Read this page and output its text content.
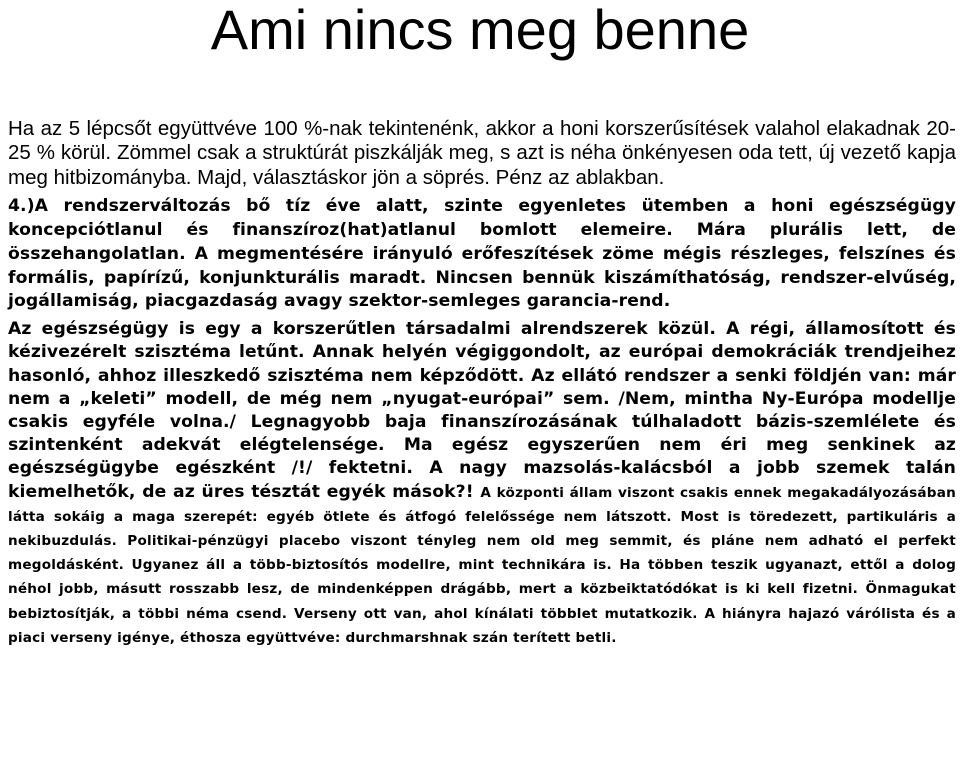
Ami nincs meg benne

Ha az 5 lépcsőt együttvéve 100 %-nak tekintenénk, akkor a honi korszerűsítések valahol elakadnak 20-25 % körül. Zömmel csak a struktúrát piszkálják meg, s azt is néha önkényesen oda tett, új vezető kapja meg hitbizományba. Majd, választáskor jön a söprés. Pénz az ablakban.

4.)A rendszerváltozás bő tíz éve alatt, szinte egyenletes ütemben a honi egészségügy koncepciótlanul és finanszíroz(hat)atlanul bomlott elemeire. Mára plurális lett, de összehangolatlan. A megmentésére irányuló erőfeszítések zöme mégis részleges, felszínes és formális, papírízű, konjunkturális maradt. Nincsen bennük kiszámíthatóság, rendszer-elvűség, jogállamiság, piacgazdaság avagy szektor-semleges garancia-rend.

Az egészségügy is egy a korszerűtlen társadalmi alrendszerek közül. A régi, államosított és kézivezérelt szisztéma letűnt. Annak helyén végiggondolt, az európai demokráciák trendjeihez hasonló, ahhoz illeszkedő szisztéma nem képződött. Az ellátó rendszer a senki földjén van: már nem a „keleti” modell, de még nem „nyugat-európai” sem. /Nem, mintha Ny-Európa modellje csakis egyféle volna./ Legnagyobb baja finanszírozásának túlhaladott bázis-szemlélete és szintenként adekvát elégtelensége. Ma egész egyszerűen nem éri meg senkinek az egészségügybe egészként /!/ fektetni. A nagy mazsolás-kalácsból a jobb szemek talán kiemelhetők, de az üres tésztát egyék mások?! A központi állam viszont csakis ennek megakadályozásában látta sokáig a maga szerepét: egyéb ötlete és átfogó felelőssége nem látszott. Most is töredezett, partikuláris a nekibuzdulás. Politikai-pénzügyi placebo viszont tényleg nem old meg semmit, és pláne nem adható el perfekt megoldásként. Ugyanez áll a több-biztosítós modellre, mint technikára is. Ha többen teszik ugyanazt, ettől a dolog néhol jobb, másutt rosszabb lesz, de mindenképpen drágább, mert a közbeiktatódókat is ki kell fizetni. Önmagukat bebiztosítják, a többi néma csend. Verseny ott van, ahol kínálati többlet mutatkozik. A hiányra hajazó várólista és a piaci verseny igénye, éthosza együttvéve: durchmarshnak szán terített betli.
